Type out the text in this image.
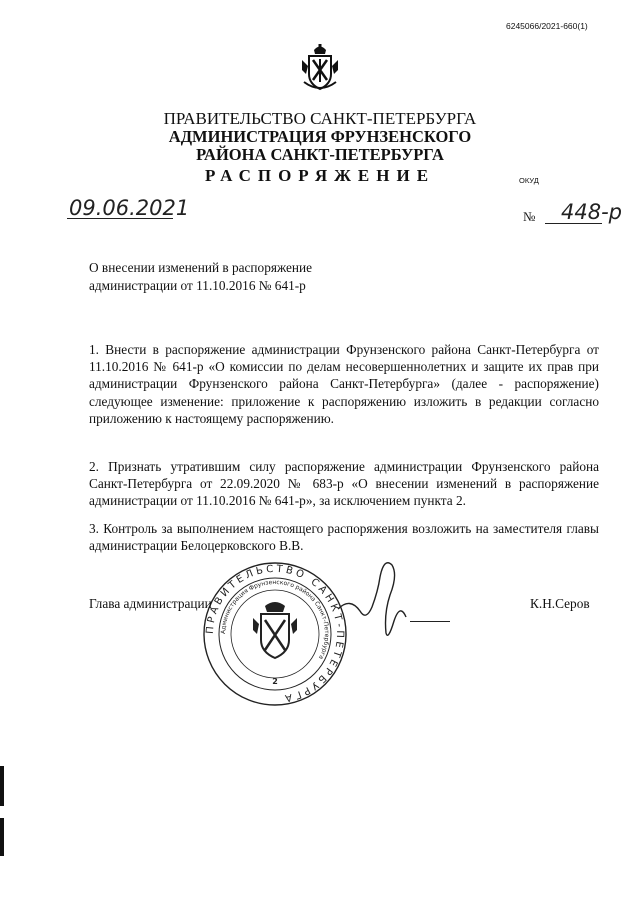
6245066/2021-660(1)
ПРАВИТЕЛЬСТВО САНКТ-ПЕТЕРБУРГА
АДМИНИСТРАЦИЯ ФРУНЗЕНСКОГО
РАЙОНА САНКТ-ПЕТЕРБУРГА
РАСПОРЯЖЕНИЕ	ОКУД
09.06.2021	№ 448-р
О внесении изменений в распоряжение администрации от 11.10.2016 № 641-р
1. Внести в распоряжение администрации Фрунзенского района Санкт-Петербурга от 11.10.2016 № 641-р «О комиссии по делам несовершеннолетних и защите их прав при администрации Фрунзенского района Санкт-Петербурга» (далее - распоряжение) следующее изменение: приложение к распоряжению изложить в редакции согласно приложению к настоящему распоряжению.
2. Признать утратившим силу распоряжение администрации Фрунзенского района Санкт-Петербурга от 22.09.2020 № 683-р «О внесении изменений в распоряжение администрации от 11.10.2016 № 641-р», за исключением пункта 2.
3. Контроль за выполнением настоящего распоряжения возложить на заместителя главы администрации Белоцерковского В.В.
ПРАВИТЕЛЬСТВО САНКТ-ПЕТЕРБУРГА
Администрация Фрунзенского района Санкт-Петербурга
2
Глава администрации	К.Н.Серов
